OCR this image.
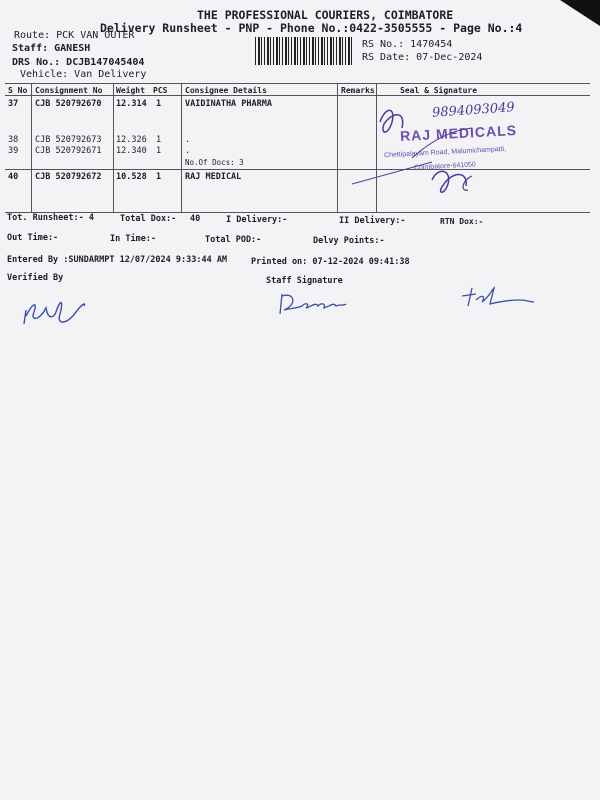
THE PROFESSIONAL COURIERS, COIMBATORE
Delivery Runsheet - PNP - Phone No.:0422-3505555 - Page No.:4
Route: PCK VAN OUTER
Staff: GANESH
DRS No.: DCJB147045404
Vehicle: Van Delivery
RS No.: 1470454
RS Date: 07-Dec-2024
S No Consignment No Weight PCS Consignee Details	Remarks	Seal & Signature
37 CJB 520792670 12.314 1	VAIDINATHA PHARMA
38 CJB 520792673 12.326 1	.
39 CJB 520792671 12.340 1	.
No.Of Docs: 3
40 CJB 520792672 10.528 1	RAJ MEDICAL
9894093049
RAJ MEDICALS
Chettipalayam Road, Malumichampatti,
Coimbatore-641050
Tot. Runsheet:- 4	Total Dox:- 40	I Delivery:-	II Delivery:-	RTN Dox:-
Out Time:-	In Time:-	Total POD:-	Delvy Points:-
Entered By :SUNDARMPT 12/07/2024 9:33:44 AM	Printed on: 07-12-2024 09:41:38
Verified By	Staff Signature
